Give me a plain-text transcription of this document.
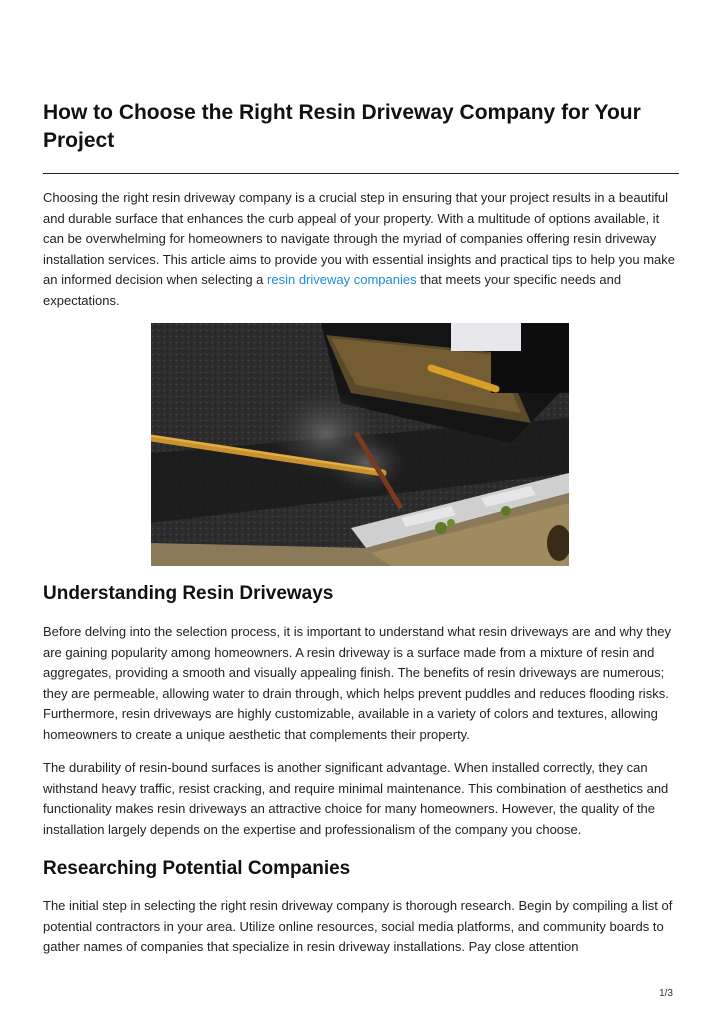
How to Choose the Right Resin Driveway Company for Your Project

Choosing the right resin driveway company is a crucial step in ensuring that your project results in a beautiful and durable surface that enhances the curb appeal of your property. With a multitude of options available, it can be overwhelming for homeowners to navigate through the myriad of companies offering resin driveway installation services. This article aims to provide you with essential insights and practical tips to help you make an informed decision when selecting a resin driveway companies that meets your specific needs and expectations.

Understanding Resin Driveways

Before delving into the selection process, it is important to understand what resin driveways are and why they are gaining popularity among homeowners. A resin driveway is a surface made from a mixture of resin and aggregates, providing a smooth and visually appealing finish. The benefits of resin driveways are numerous; they are permeable, allowing water to drain through, which helps prevent puddles and reduces flooding risks. Furthermore, resin driveways are highly customizable, available in a variety of colors and textures, allowing homeowners to create a unique aesthetic that complements their property.

The durability of resin-bound surfaces is another significant advantage. When installed correctly, they can withstand heavy traffic, resist cracking, and require minimal maintenance. This combination of aesthetics and functionality makes resin driveways an attractive choice for many homeowners. However, the quality of the installation largely depends on the expertise and professionalism of the company you choose.

Researching Potential Companies

The initial step in selecting the right resin driveway company is thorough research. Begin by compiling a list of potential contractors in your area. Utilize online resources, social media platforms, and community boards to gather names of companies that specialize in resin driveway installations. Pay close attention

1/3
